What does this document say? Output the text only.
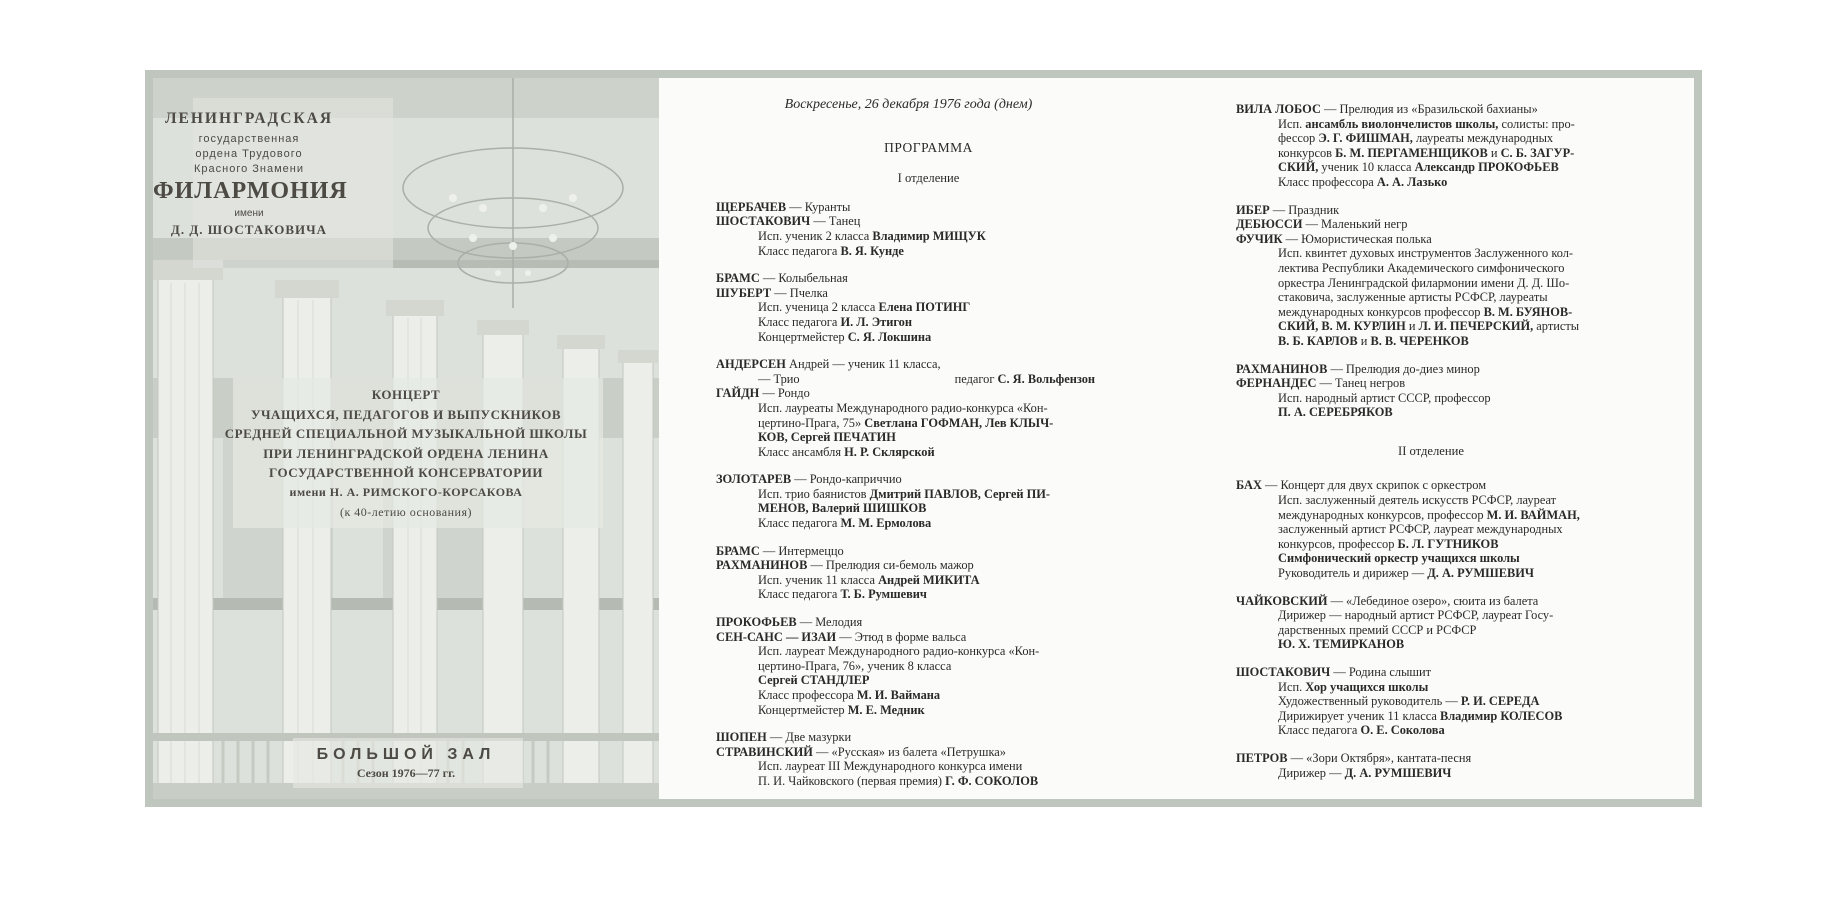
ЛЕНИНГРАДСКАЯ
государственная
ордена Трудового
Красного Знамени
ФИЛАРМОНИЯ
имени
Д. Д. ШОСТАКОВИЧА
КОНЦЕРТ
УЧАЩИХСЯ, ПЕДАГОГОВ И ВЫПУСКНИКОВ
СРЕДНЕЙ СПЕЦИАЛЬНОЙ МУЗЫКАЛЬНОЙ ШКОЛЫ
ПРИ ЛЕНИНГРАДСКОЙ ОРДЕНА ЛЕНИНА
ГОСУДАРСТВЕННОЙ КОНСЕРВАТОРИИ
имени Н. А. РИМСКОГО-КОРСАКОВА
(к 40-летию основания)
БОЛЬШОЙ ЗАЛ
Сезон 1976—77 гг.

Воскресенье, 26 декабря 1976 года (днем)

ПРОГРАММА

I отделение

ЩЕРБАЧЕВ — Куранты

ШОСТАКОВИЧ — Танец

Исп. ученик 2 класса Владимир МИЩУК

Класс педагога В. Я. Кунде

БРАМС — Колыбельная

ШУБЕРТ — Пчелка

Исп. ученица 2 класса Елена ПОТИНГ

Класс педагога И. Л. Этигон

Концертмейстер С. Я. Локшина

АНДЕРСЕН Андрей — ученик 11 класса,

— Трио	педагог С. Я. Вольфензон

ГАЙДН — Рондо

Исп. лауреаты Международного радио-конкурса «Кон-

цертино-Прага, 75» Светлана ГОФМАН, Лев КЛЫЧ-

КОВ, Сергей ПЕЧАТИН

Класс ансамбля Н. Р. Склярской

ЗОЛОТАРЕВ — Рондо-каприччио

Исп. трио баянистов Дмитрий ПАВЛОВ, Сергей ПИ-

МЕНОВ, Валерий ШИШКОВ

Класс педагога М. М. Ермолова

БРАМС — Интермеццо

РАХМАНИНОВ — Прелюдия си-бемоль мажор

Исп. ученик 11 класса Андрей МИКИТА

Класс педагога Т. Б. Румшевич

ПРОКОФЬЕВ — Мелодия

СЕН-САНС — ИЗАИ — Этюд в форме вальса

Исп. лауреат Международного радио-конкурса «Кон-

цертино-Прага, 76», ученик 8 класса

Сергей СТАНДЛЕР

Класс профессора М. И. Ваймана

Концертмейстер М. Е. Медник

ШОПЕН — Две мазурки

СТРАВИНСКИЙ — «Русская» из балета «Петрушка»

Исп. лауреат III Международного конкурса имени

П. И. Чайковского (первая премия) Г. Ф. СОКОЛОВ

ВИЛА ЛОБОС — Прелюдия из «Бразильской бахианы»

Исп. ансамбль виолончелистов школы, солисты: про-

фессор Э. Г. ФИШМАН, лауреаты международных

конкурсов Б. М. ПЕРГАМЕНЩИКОВ и С. Б. ЗАГУР-

СКИЙ, ученик 10 класса Александр ПРОКОФЬЕВ

Класс профессора А. А. Лазько

ИБЕР — Праздник

ДЕБЮССИ — Маленький негр

ФУЧИК — Юмористическая полька

Исп. квинтет духовых инструментов Заслуженного кол-

лектива Республики Академического симфонического

оркестра Ленинградской филармонии имени Д. Д. Шо-

стаковича, заслуженные артисты РСФСР, лауреаты

международных конкурсов профессор В. М. БУЯНОВ-

СКИЙ, В. М. КУРЛИН и Л. И. ПЕЧЕРСКИЙ, артисты

В. Б. КАРЛОВ и В. В. ЧЕРЕНКОВ

РАХМАНИНОВ — Прелюдия до-диез минор

ФЕРНАНДЕС — Танец негров

Исп. народный артист СССР, профессор

П. А. СЕРЕБРЯКОВ

II отделение

БАХ — Концерт для двух скрипок с оркестром

Исп. заслуженный деятель искусств РСФСР, лауреат

международных конкурсов, профессор М. И. ВАЙМАН,

заслуженный артист РСФСР, лауреат международных

конкурсов, профессор Б. Л. ГУТНИКОВ

Симфонический оркестр учащихся школы

Руководитель и дирижер — Д. А. РУМШЕВИЧ

ЧАЙКОВСКИЙ — «Лебединое озеро», сюита из балета

Дирижер — народный артист РСФСР, лауреат Госу-

дарственных премий СССР и РСФСР

Ю. Х. ТЕМИРКАНОВ

ШОСТАКОВИЧ — Родина слышит

Исп. Хор учащихся школы

Художественный руководитель — Р. И. СЕРЕДА

Дирижирует ученик 11 класса Владимир КОЛЕСОВ

Класс педагога О. Е. Соколова

ПЕТРОВ — «Зори Октября», кантата-песня

Дирижер — Д. А. РУМШЕВИЧ
